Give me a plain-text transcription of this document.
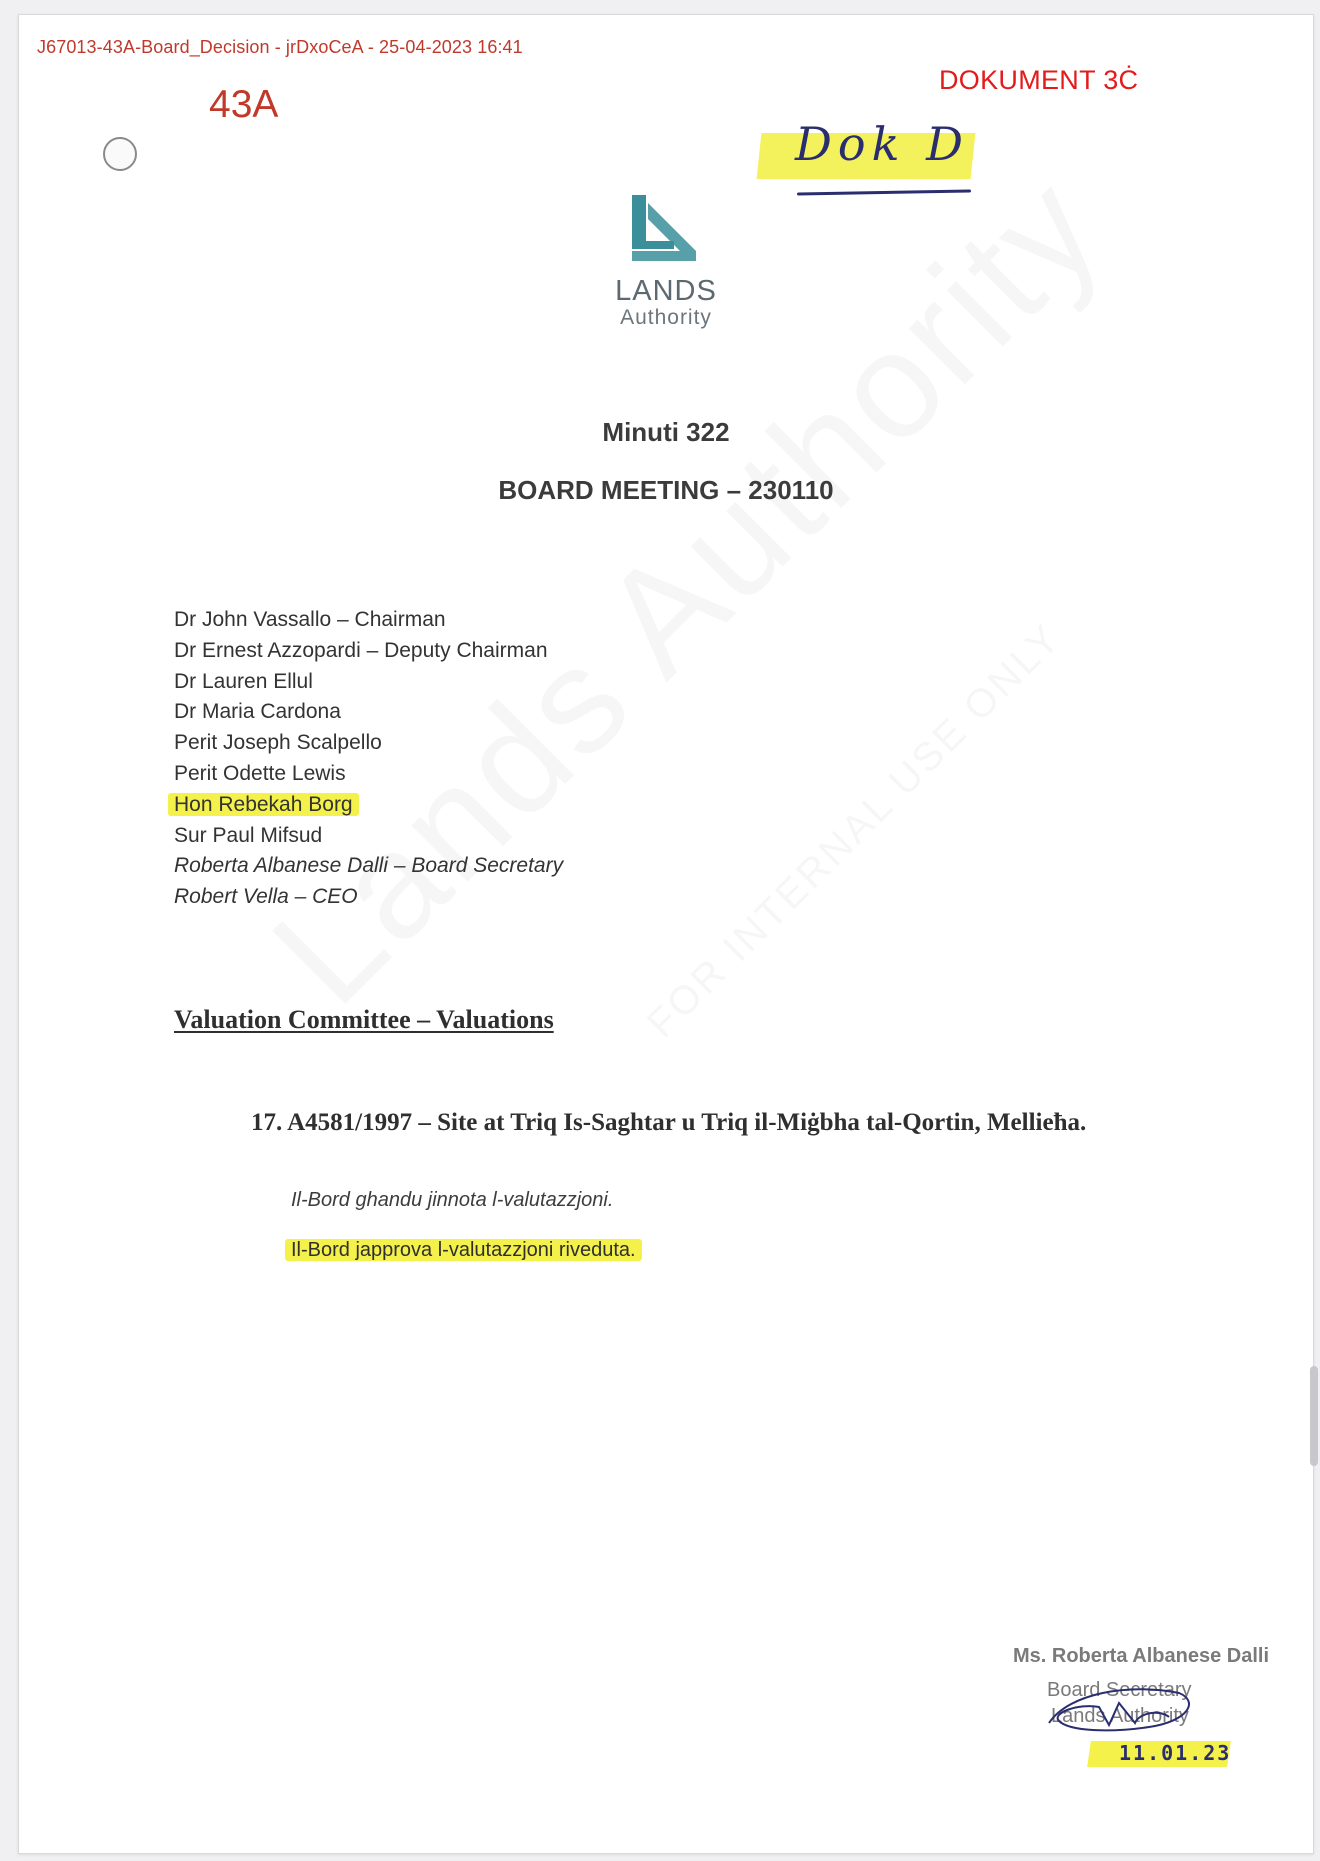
J67013-43A-Board_Decision - jrDxoCeA - 25-04-2023 16:41
43A
DOKUMENT 3Ċ
Dok D
LANDS
Authority
Minuti 322
BOARD MEETING – 230110
Dr John Vassallo – Chairman
Dr Ernest Azzopardi – Deputy Chairman
Dr Lauren Ellul
Dr Maria Cardona
Perit Joseph Scalpello
Perit Odette Lewis
Hon Rebekah Borg
Sur Paul Mifsud
Roberta Albanese Dalli – Board Secretary
Robert Vella – CEO
Valuation Committee – Valuations
17. A4581/1997 – Site at Triq Is-Saghtar u Triq il-Miġbha tal-Qortin, Mellieħa.
Il-Bord ghandu jinnota l-valutazzjoni.
Il-Bord japprova l-valutazzjoni riveduta.
Ms. Roberta Albanese Dalli
Board Secretary
Lands Authority
11.01.23
